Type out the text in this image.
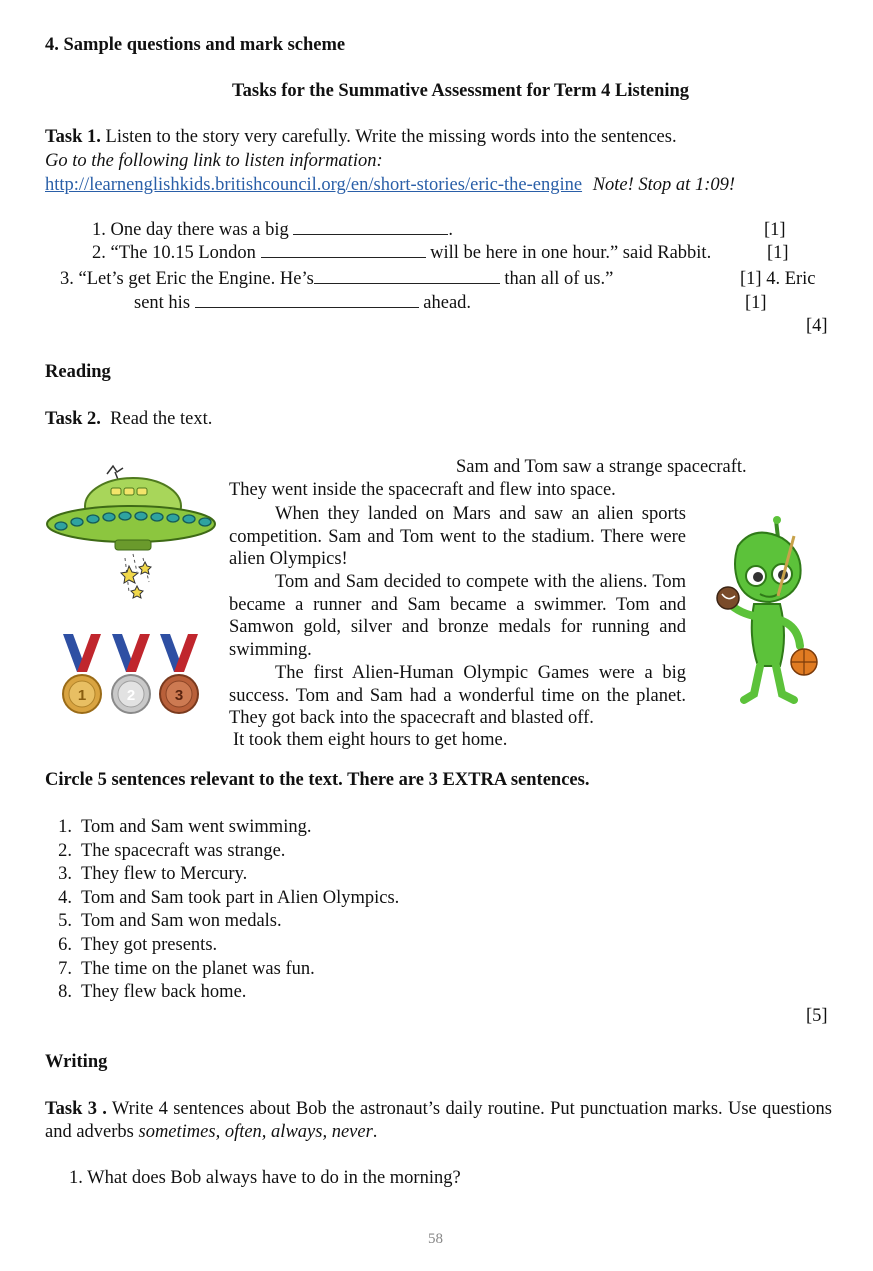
4. Sample questions and mark scheme
Tasks for the Summative Assessment for Term 4 Listening
Task 1. Listen to the story very carefully. Write the missing words into the sentences.
Go to the following link to listen information:
http://learnenglishkids.britishcouncil.org/en/short-stories/eric-the-engine Note! Stop at 1:09!
1. One day there was a big	.	[1]
2. “The 10.15 London	will be here in one hour.” said Rabbit.	[1]
3. “Let’s get Eric the Engine. He’s	than all of us.”	[1] 4. Eric
sent his	ahead.	[1]
[4]
Reading
Task 2. Read the text.
1	2	3
Sam and Tom saw a strange spacecraft.
They went inside the spacecraft and flew into space.
When they landed on Mars and saw an alien sports competition. Sam and Tom went to the stadium. There were alien Olympics!
Tom and Sam decided to compete with the aliens. Tom became a runner and Sam became a swimmer. Tom and Samwon gold, silver and bronze medals for running and swimming.
The first Alien-Human Olympic Games were a big success. Tom and Sam had a wonderful time on the planet. They got back into the spacecraft and blasted off.
It took them eight hours to get home.
Circle 5 sentences relevant to the text. There are 3 EXTRA sentences.
1. Tom and Sam went swimming.
2. The spacecraft was strange.
3. They flew to Mercury.
4. Tom and Sam took part in Alien Olympics.
5. Tom and Sam won medals.
6. They got presents.
7. The time on the planet was fun.
8. They flew back home.
[5]
Writing
Task 3 . Write 4 sentences about Bob the astronaut’s daily routine. Put punctuation marks. Use questions and adverbs sometimes, often, always, never.
1. What does Bob always have to do in the morning?
58
